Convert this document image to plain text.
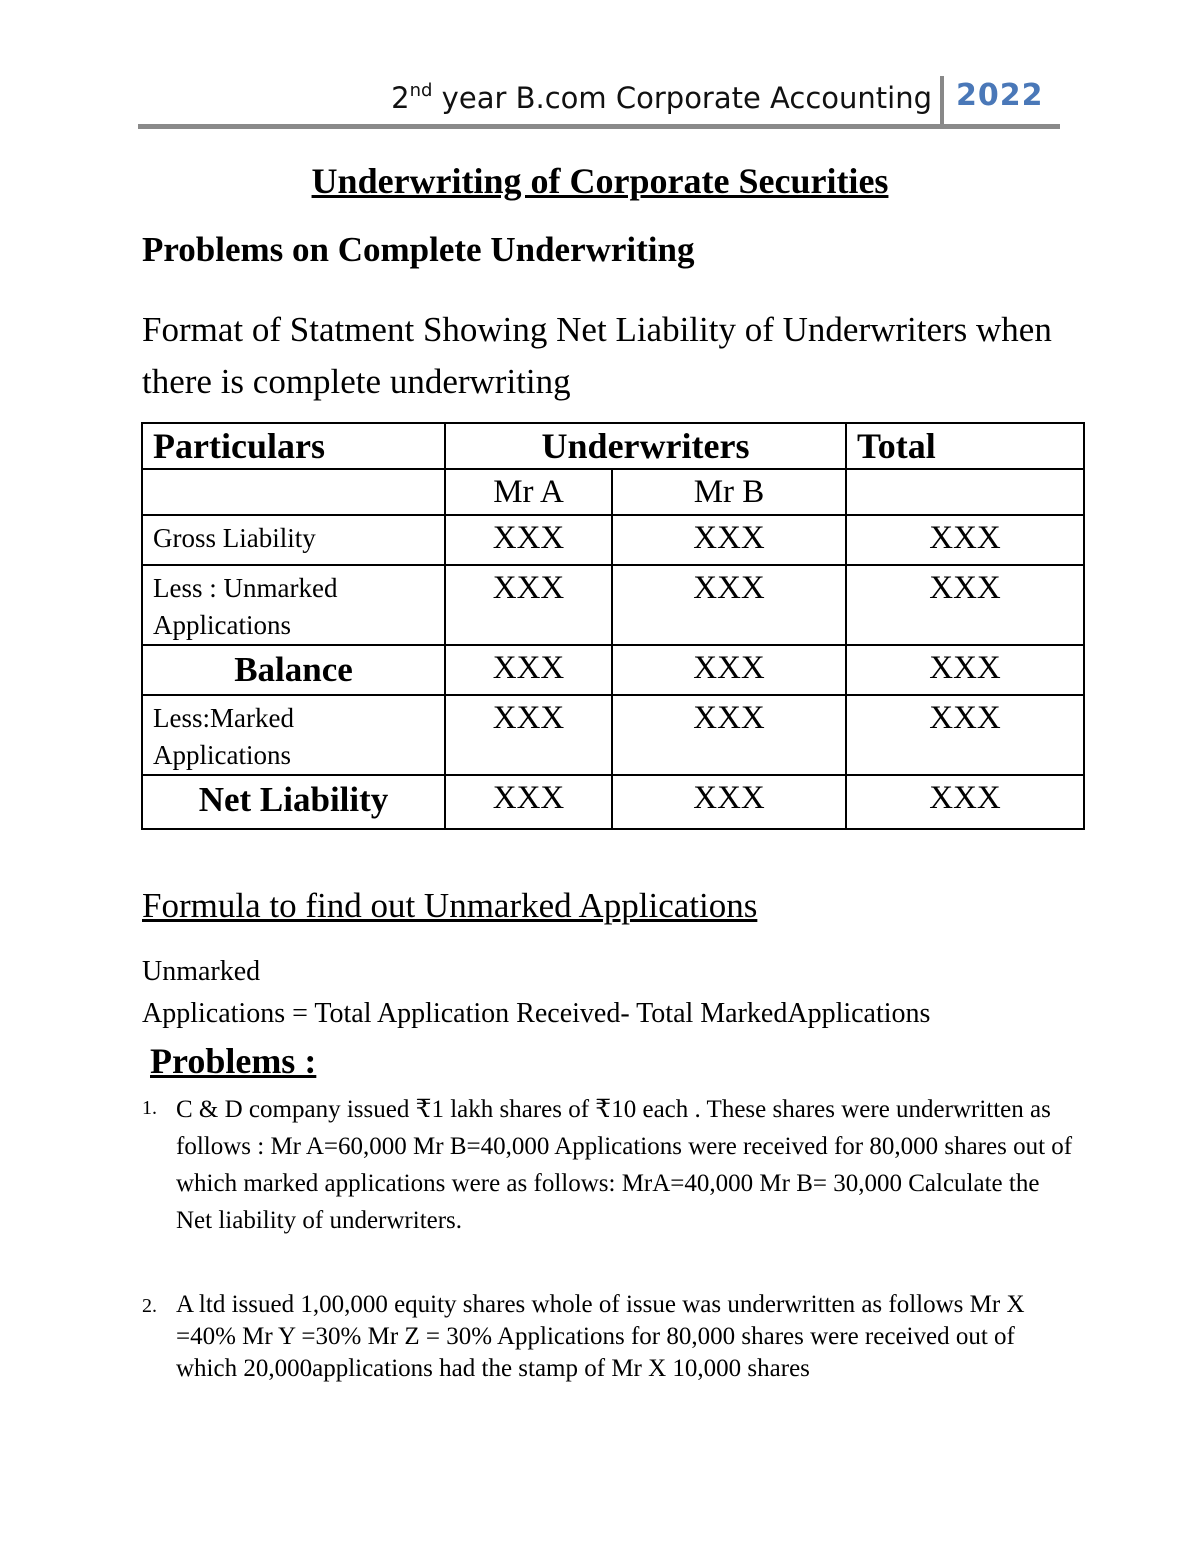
2nd year B.com Corporate Accounting 2022
Underwriting of Corporate Securities
Problems on Complete Underwriting
Format of Statment Showing Net Liability of Underwriters when there is complete underwriting
Particulars	Underwriters		Total
	Mr A	Mr B	
Gross Liability	XXX	XXX	XXX
Less : Unmarked Applications	XXX	XXX	XXX
Balance	XXX	XXX	XXX
Less:Marked Applications	XXX	XXX	XXX
Net Liability	XXX	XXX	XXX
Formula to find out Unmarked Applications
Unmarked
Applications = Total Application Received- Total MarkedApplications
Problems :
1. C & D company issued ₹1 lakh shares of ₹10 each . These shares were underwritten as follows : Mr A=60,000 Mr B=40,000 Applications were received for 80,000 shares out of which marked applications were as follows: MrA=40,000 Mr B= 30,000 Calculate the Net liability of underwriters.
2. A ltd issued 1,00,000 equity shares whole of issue was underwritten as follows Mr X =40% Mr Y =30% Mr Z = 30% Applications for 80,000 shares were received out of which 20,000applications had the stamp of Mr X 10,000 shares
